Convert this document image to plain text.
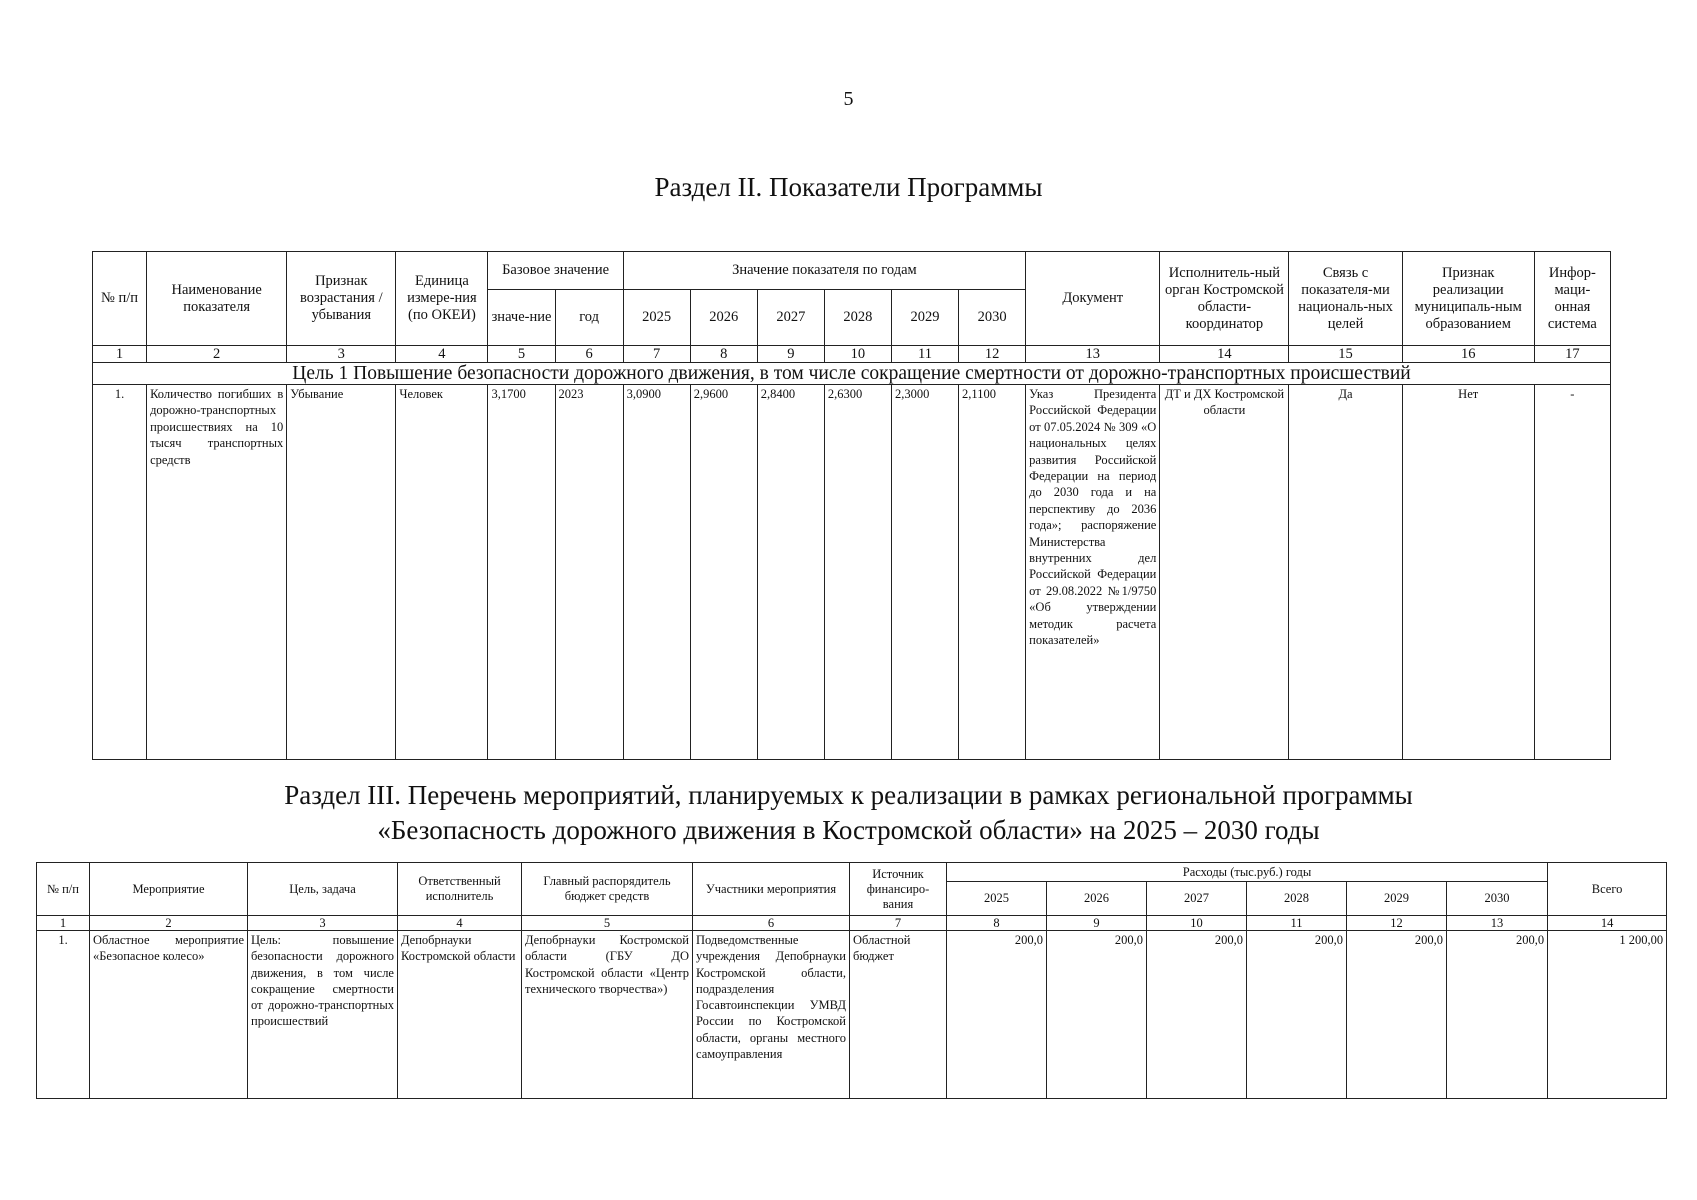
5
Раздел II. Показатели Программы
№ п/п	Наименование показателя	Признак возрастания / убывания	Единица измере-ния (по ОКЕИ)	Базовое значение		Значение показателя по годам						Документ	Исполнитель-ный орган Костромской области-координатор	Связь с показателя-ми националь-ных целей	Признак реализации муниципаль-ным образованием	Инфор-маци-онная система
				значе-ние	год	2025	2026	2027	2028	2029	2030					
1	2	3	4	5	6	7	8	9	10	11	12	13	14	15	16	17
Цель 1 Повышение безопасности дорожного движения, в том числе сокращение смертности от дорожно-транспортных происшествий																
1.	Количество погибших в дорожно-транспортных происшествиях на 10 тысяч транспортных средств	Убывание	Человек	3,1700	2023	3,0900	2,9600	2,8400	2,6300	2,3000	2,1100	Указ Президента Российской Федерации от 07.05.2024 № 309 «О национальных целях развития Российской Федерации на период до 2030 года и на перспективу до 2036 года»; распоряжение Министерства внутренних дел Российской Федерации от 29.08.2022 №1/9750 «Об утверждении методик расчета показателей»	ДТ и ДХ Костромской области	Да	Нет	-
Раздел III. Перечень мероприятий, планируемых к реализации в рамках региональной программы
«Безопасность дорожного движения в Костромской области» на 2025 – 2030 годы
№ п/п	Мероприятие	Цель, задача	Ответственный исполнитель	Главный распорядитель бюджет средств	Участники мероприятия	Источник финансиро-вания	Расходы (тыс.руб.) годы						Всего
							2025	2026	2027	2028	2029	2030	
1	2	3	4	5	6	7	8	9	10	11	12	13	14
1.	Областное мероприятие «Безопасное колесо»	Цель: повышение безопасности дорожного движения, в том числе сокращение смертности от дорожно-транспортных происшествий	Депобрнауки Костромской области	Депобрнауки Костромской области (ГБУ ДО Костромской области «Центр технического творчества»)	Подведомственные учреждения Депобрнауки Костромской области, подразделения Госавтоинспекции УМВД России по Костромской области, органы местного самоуправления	Областной бюджет	200,0	200,0	200,0	200,0	200,0	200,0	1 200,00
